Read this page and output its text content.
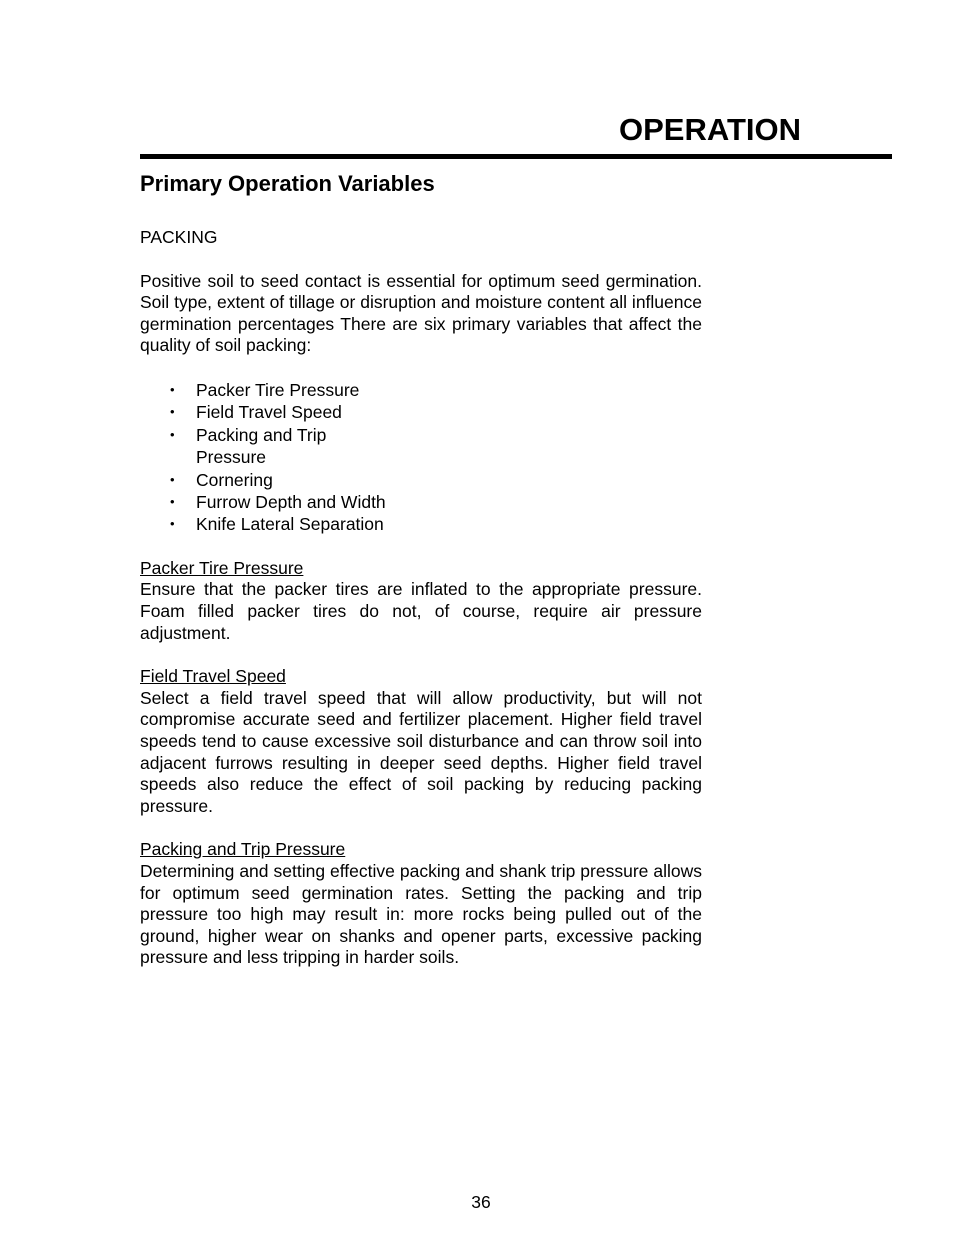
OPERATION
Primary Operation Variables

PACKING

Positive soil to seed contact is essential for optimum seed germination. Soil type, extent of tillage or disruption and moisture content all influence germination percentages There are six primary variables that affect the quality of soil packing:

• Packer Tire Pressure
• Field Travel Speed
• Packing and Trip Pressure
• Cornering
• Furrow Depth and Width
• Knife Lateral Separation

Packer Tire Pressure

Ensure that the packer tires are inflated to the appropriate pressure. Foam filled packer tires do not, of course, require air pressure adjustment.

Field Travel Speed

Select a field travel speed that will allow productivity, but will not compromise accurate seed and fertilizer placement. Higher field travel speeds tend to cause excessive soil disturbance and can throw soil into adjacent furrows resulting in deeper seed depths. Higher field travel speeds also reduce the effect of soil packing by reducing packing pressure.

Packing and Trip Pressure

Determining and setting effective packing and shank trip pressure allows for optimum seed germination rates. Setting the packing and trip pressure too high may result in: more rocks being pulled out of the ground, higher wear on shanks and opener parts, excessive packing pressure and less tripping in harder soils.

36
